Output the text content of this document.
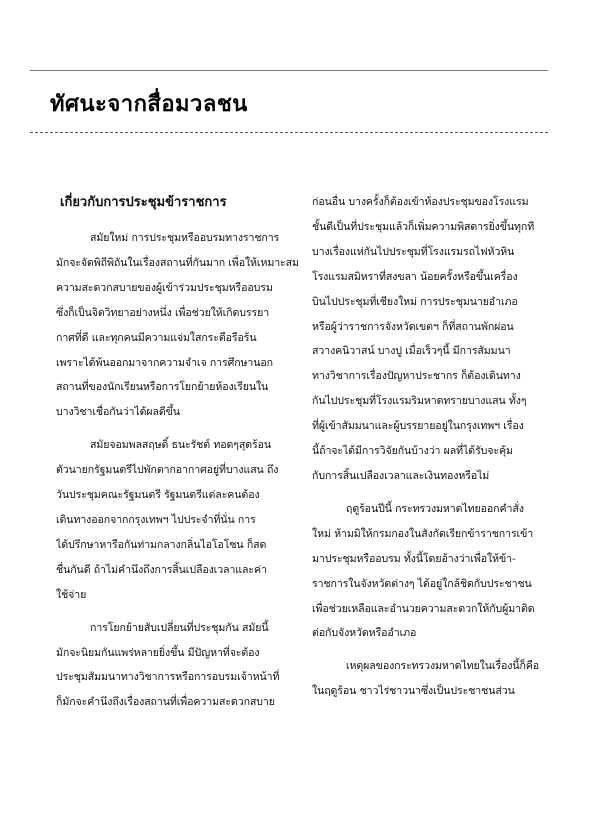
ทัศนะจากสื่อมวลชน
เกี่ยวกับการประชุมข้าราชการ
สมัยใหม่ การประชุมหรืออบรมทางราชการ
มักจะจัดพิถีพิถันในเรื่องสถานที่กันมาก เพื่อให้เหมาะสม
ความสะดวกสบายของผู้เข้าร่วมประชุมหรืออบรม
ซึ่งก็เป็นจิตวิทยาอย่างหนึ่ง เพื่อช่วยให้เกิดบรรยา
กาศที่ดี และทุกคนมีความแจ่มใสกระตือรือร้น
เพราะได้พ้นออกมาจากความจำเจ การศึกษานอก
สถานที่ของนักเรียนหรือการโยกย้ายห้องเรียนใน
บางวิชาเชื่อกันว่าได้ผลดีขึ้น
สมัยจอมพลสฤษดิ์ ธนะรัชต์ ทอดๆสุดร้อน
ตัวนายกรัฐมนตรีไปพักตากอากาศอยู่ที่บางแสน ถึง
วันประชุมคณะรัฐมนตรี รัฐมนตรีแต่ละคนต้อง
เดินทางออกจากกรุงเทพฯ ไปประจำที่นั่น การ
ได้ปรึกษาหารือกันท่ามกลางกลิ่นไอโอโซน ก็สด
ชื่นกันดี ถ้าไม่คำนึงถึงการสิ้นเปลืองเวลาและค่า
ใช้จ่าย
การโยกย้ายสับเปลี่ยนที่ประชุมกัน สมัยนี้
มักจะนิยมกันแพร่หลายยิ่งขึ้น มีปัญหาที่จะต้อง
ประชุมสัมมนาทางวิชาการหรือการอบรมเจ้าหน้าที่
ก็มักจะคำนึงถึงเรื่องสถานที่เพื่อความสะดวกสบาย
ก่อนอื่น บางครั้งก็ต้องเข้าห้องประชุมของโรงแรม
ชั้นดีเป็นที่ประชุมแล้วก็เพิ่มความพิสดารยิ่งขึ้นทุกที
บางเรื่องแห่กันไปประชุมที่โรงแรมรถไฟหัวหิน
โรงแรมสมิหราที่สงขลา น้อยครั้งหรือขึ้นเครื่อง
บินไปประชุมที่เชียงใหม่ การประชุมนายอำเภอ
หรือผู้ว่าราชการจังหวัดเขตฯ ก็ที่สถานพักผ่อน
สวางคนิวาสน์ บางปู เมื่อเร็วๆนี้ มีการสัมมนา
ทางวิชาการเรื่องปัญหาประชากร ก็ต้องเดินทาง
กันไปประชุมที่โรงแรมริมหาดทรายบางแสน ทั้งๆ
ที่ผู้เข้าสัมมนาและผู้บรรยายอยู่ในกรุงเทพฯ เรื่อง
นี้ถ้าจะได้มีการวิจัยกันบ้างว่า ผลที่ได้รับจะคุ้ม
กับการสิ้นเปลืองเวลาและเงินทองหรือไม่
ฤดูร้อนปีนี้ กระทรวงมหาดไทยออกคำสั่ง
ใหม่ ห้ามมิให้กรมกองในสังกัดเรียกข้าราชการเข้า
มาประชุมหรืออบรม ทั้งนี้โดยอ้างว่าเพื่อให้ข้า-
ราชการในจังหวัดต่างๆ ได้อยู่ใกล้ชิดกับประชาชน
เพื่อช่วยเหลือและอำนวยความสะดวกให้กับผู้มาติด
ต่อกับจังหวัดหรืออำเภอ
เหตุผลของกระทรวงมหาดไทยในเรื่องนี้ก็คือ
ในฤดูร้อน ชาวไร่ชาวนาซึ่งเป็นประชาชนส่วน
